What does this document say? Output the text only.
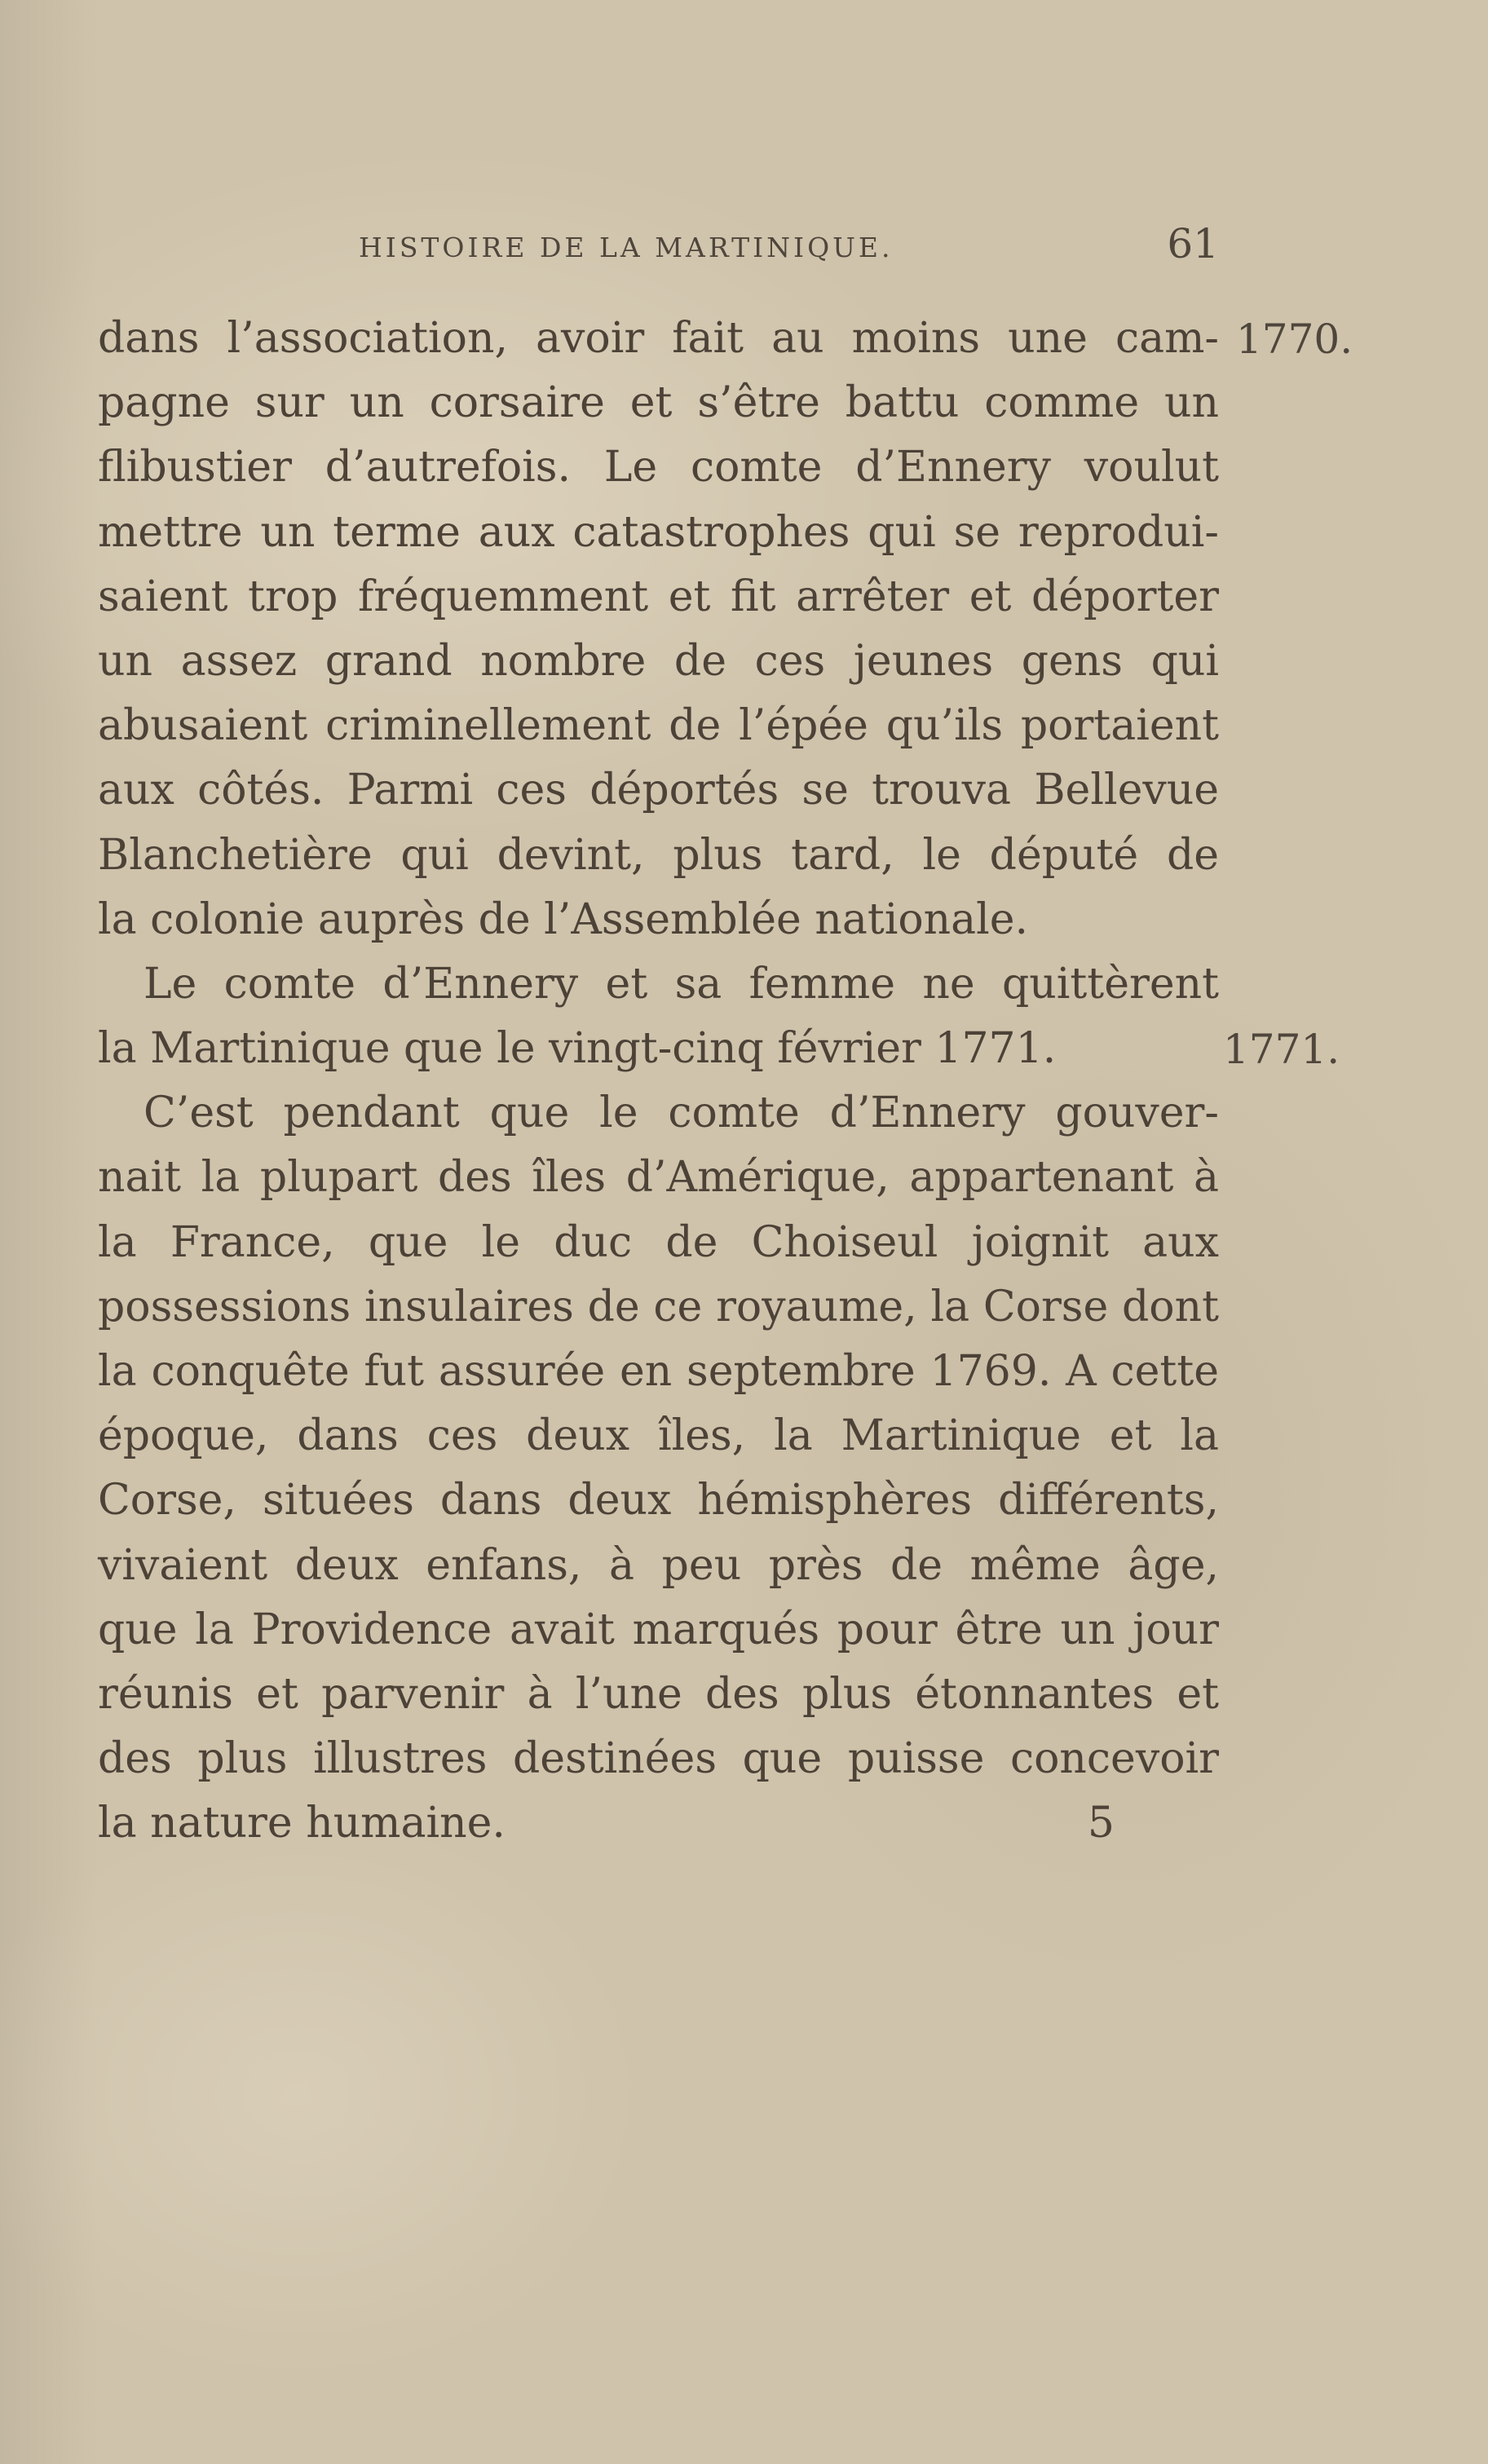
HISTOIRE DE LA MARTINIQUE.	61
1770.
1771.
dans l’association, avoir fait au moins une cam-
pagne sur un corsaire et s’être battu comme un
flibustier d’autrefois. Le comte d’Ennery voulut
mettre un terme aux catastrophes qui se reprodui-
saient trop fréquemment et fit arrêter et déporter
un assez grand nombre de ces jeunes gens qui
abusaient criminellement de l’épée qu’ils portaient
aux côtés. Parmi ces déportés se trouva Bellevue
Blanchetière qui devint, plus tard, le député de
la colonie auprès de l’Assemblée nationale.
Le comte d’Ennery et sa femme ne quittèrent
la Martinique que le vingt-cinq février 1771.
C’est pendant que le comte d’Ennery gouver-
nait la plupart des îles d’Amérique, appartenant à
la France, que le duc de Choiseul joignit aux
possessions insulaires de ce royaume, la Corse dont
la conquête fut assurée en septembre 1769. A cette
époque, dans ces deux îles, la Martinique et la
Corse, situées dans deux hémisphères différents,
vivaient deux enfans, à peu près de même âge,
que la Providence avait marqués pour être un jour
réunis et parvenir à l’une des plus étonnantes et
des plus illustres destinées que puisse concevoir
la nature humaine.	5
